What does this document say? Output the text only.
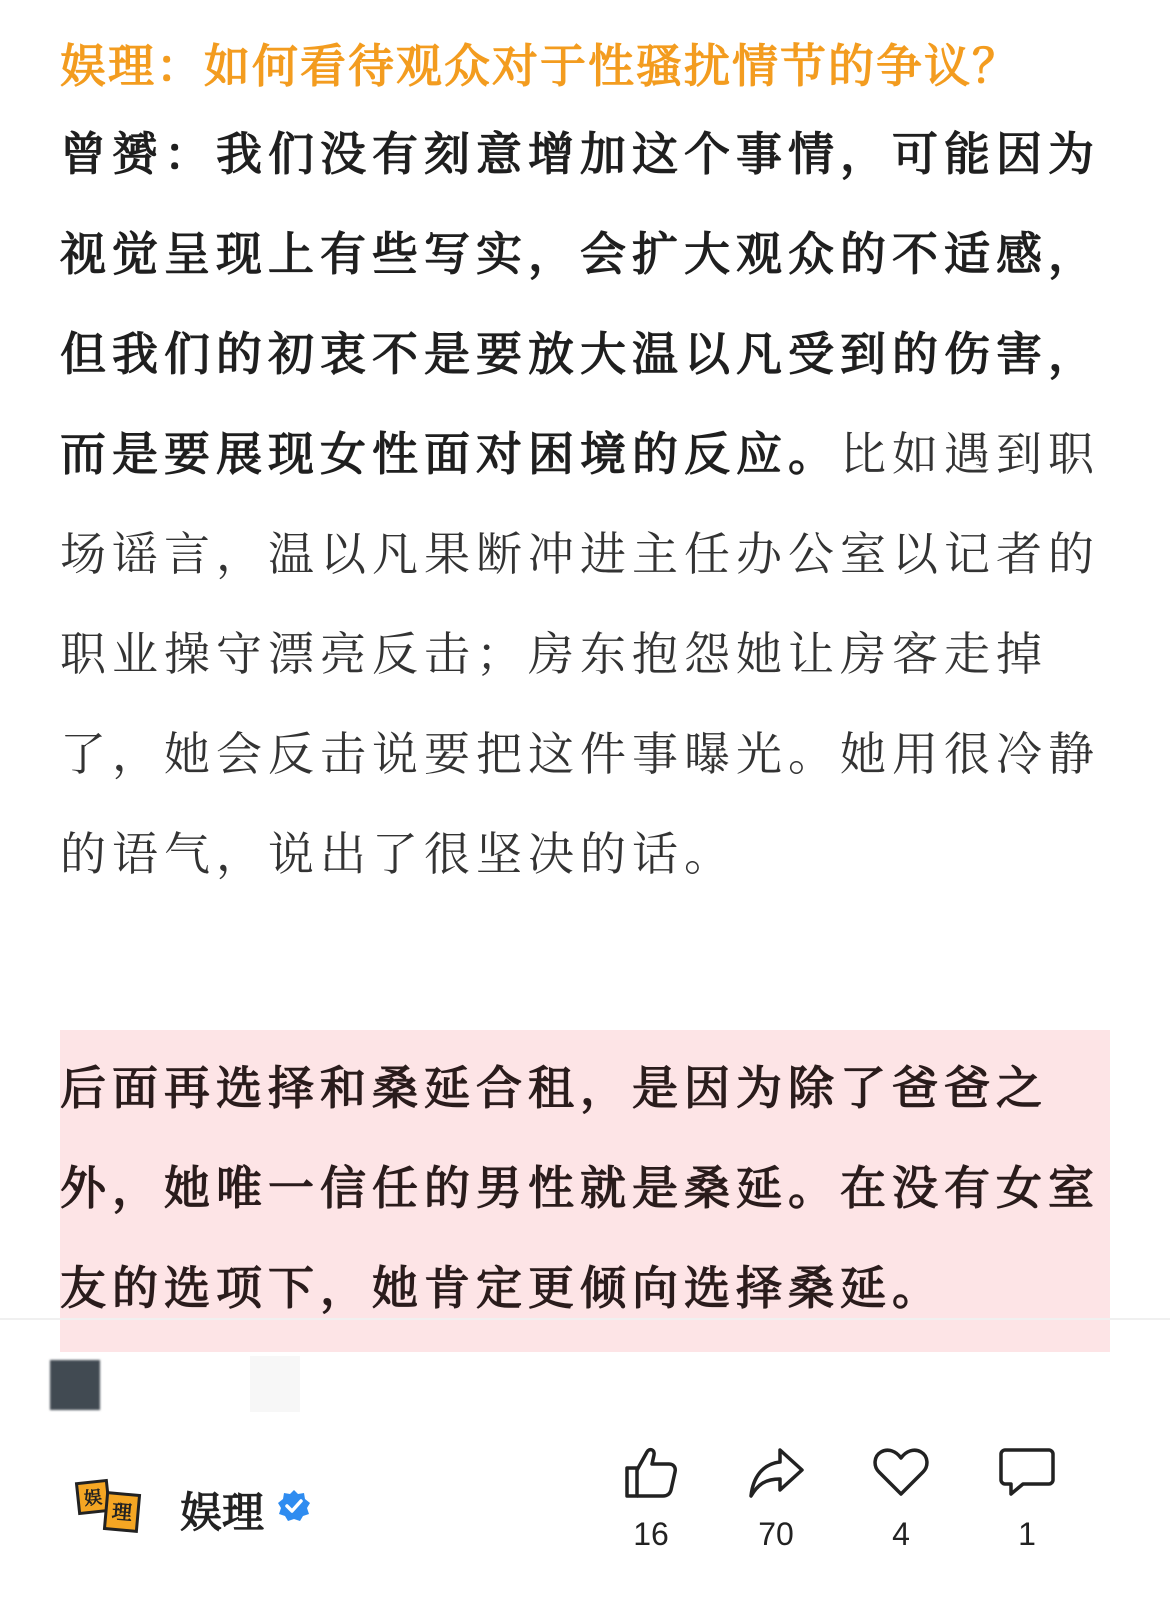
娱理：如何看待观众对于性骚扰情节的争议？

曾赟：我们没有刻意增加这个事情，可能因为视觉呈现上有些写实，会扩大观众的不适感，但我们的初衷不是要放大温以凡受到的伤害，而是要展现女性面对困境的反应。比如遇到职场谣言，温以凡果断冲进主任办公室以记者的职业操守漂亮反击；房东抱怨她让房客走掉了，她会反击说要把这件事曝光。她用很冷静的语气，说出了很坚决的话。

后面再选择和桑延合租，是因为除了爸爸之外，她唯一信任的男性就是桑延。在没有女室友的选项下，她肯定更倾向选择桑延。

娱
理 娱理	16	70	4	1
